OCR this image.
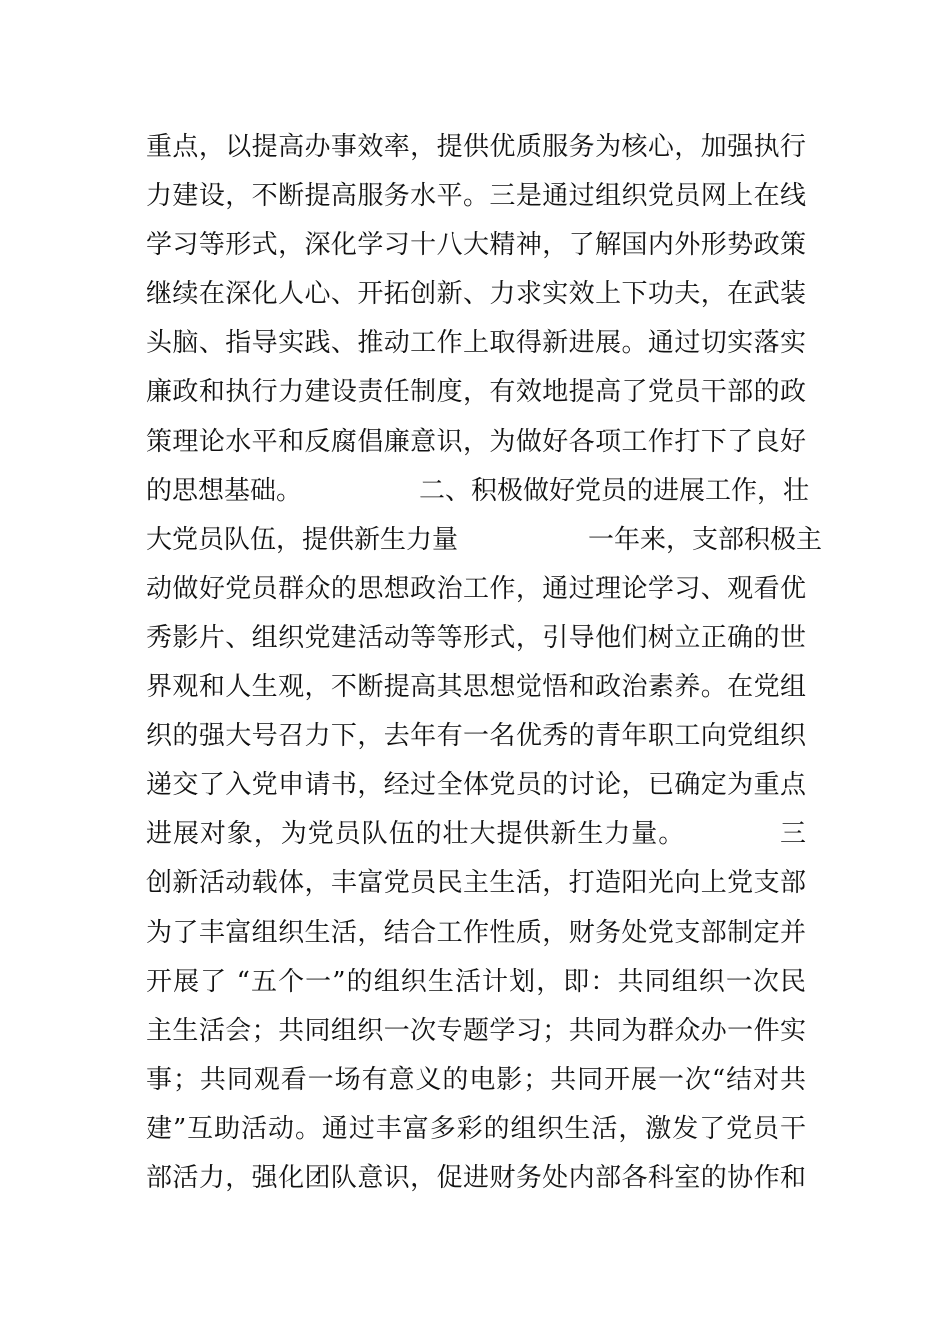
重点，以提高办事效率，提供优质服务为核心，加强执行
力建设，不断提高服务水平。三是通过组织党员网上在线
学习等形式，深化学习十八大精神，了解国内外形势政策
继续在深化人心、开拓创新、力求实效上下功夫，在武装
头脑、指导实践、推动工作上取得新进展。通过切实落实
廉政和执行力建设责任制度，有效地提高了党员干部的政
策理论水平和反腐倡廉意识，为做好各项工作打下了良好
的思想基础。　　　　　二、积极做好党员的进展工作，壮
大党员队伍，提供新生力量　　　　　一年来，支部积极主
动做好党员群众的思想政治工作，通过理论学习、观看优
秀影片、组织党建活动等等形式，引导他们树立正确的世
界观和人生观，不断提高其思想觉悟和政治素养。在党组
织的强大号召力下，去年有一名优秀的青年职工向党组织
递交了入党申请书，经过全体党员的讨论，已确定为重点
进展对象，为党员队伍的壮大提供新生力量。　　　　三
创新活动载体，丰富党员民主生活，打造阳光向上党支部
为了丰富组织生活，结合工作性质，财务处党支部制定并
开展了 “五个一”的组织生活计划，即：共同组织一次民
主生活会；共同组织一次专题学习；共同为群众办一件实
事；共同观看一场有意义的电影；共同开展一次“结对共
建”互助活动。通过丰富多彩的组织生活，激发了党员干
部活力，强化团队意识，促进财务处内部各科室的协作和
